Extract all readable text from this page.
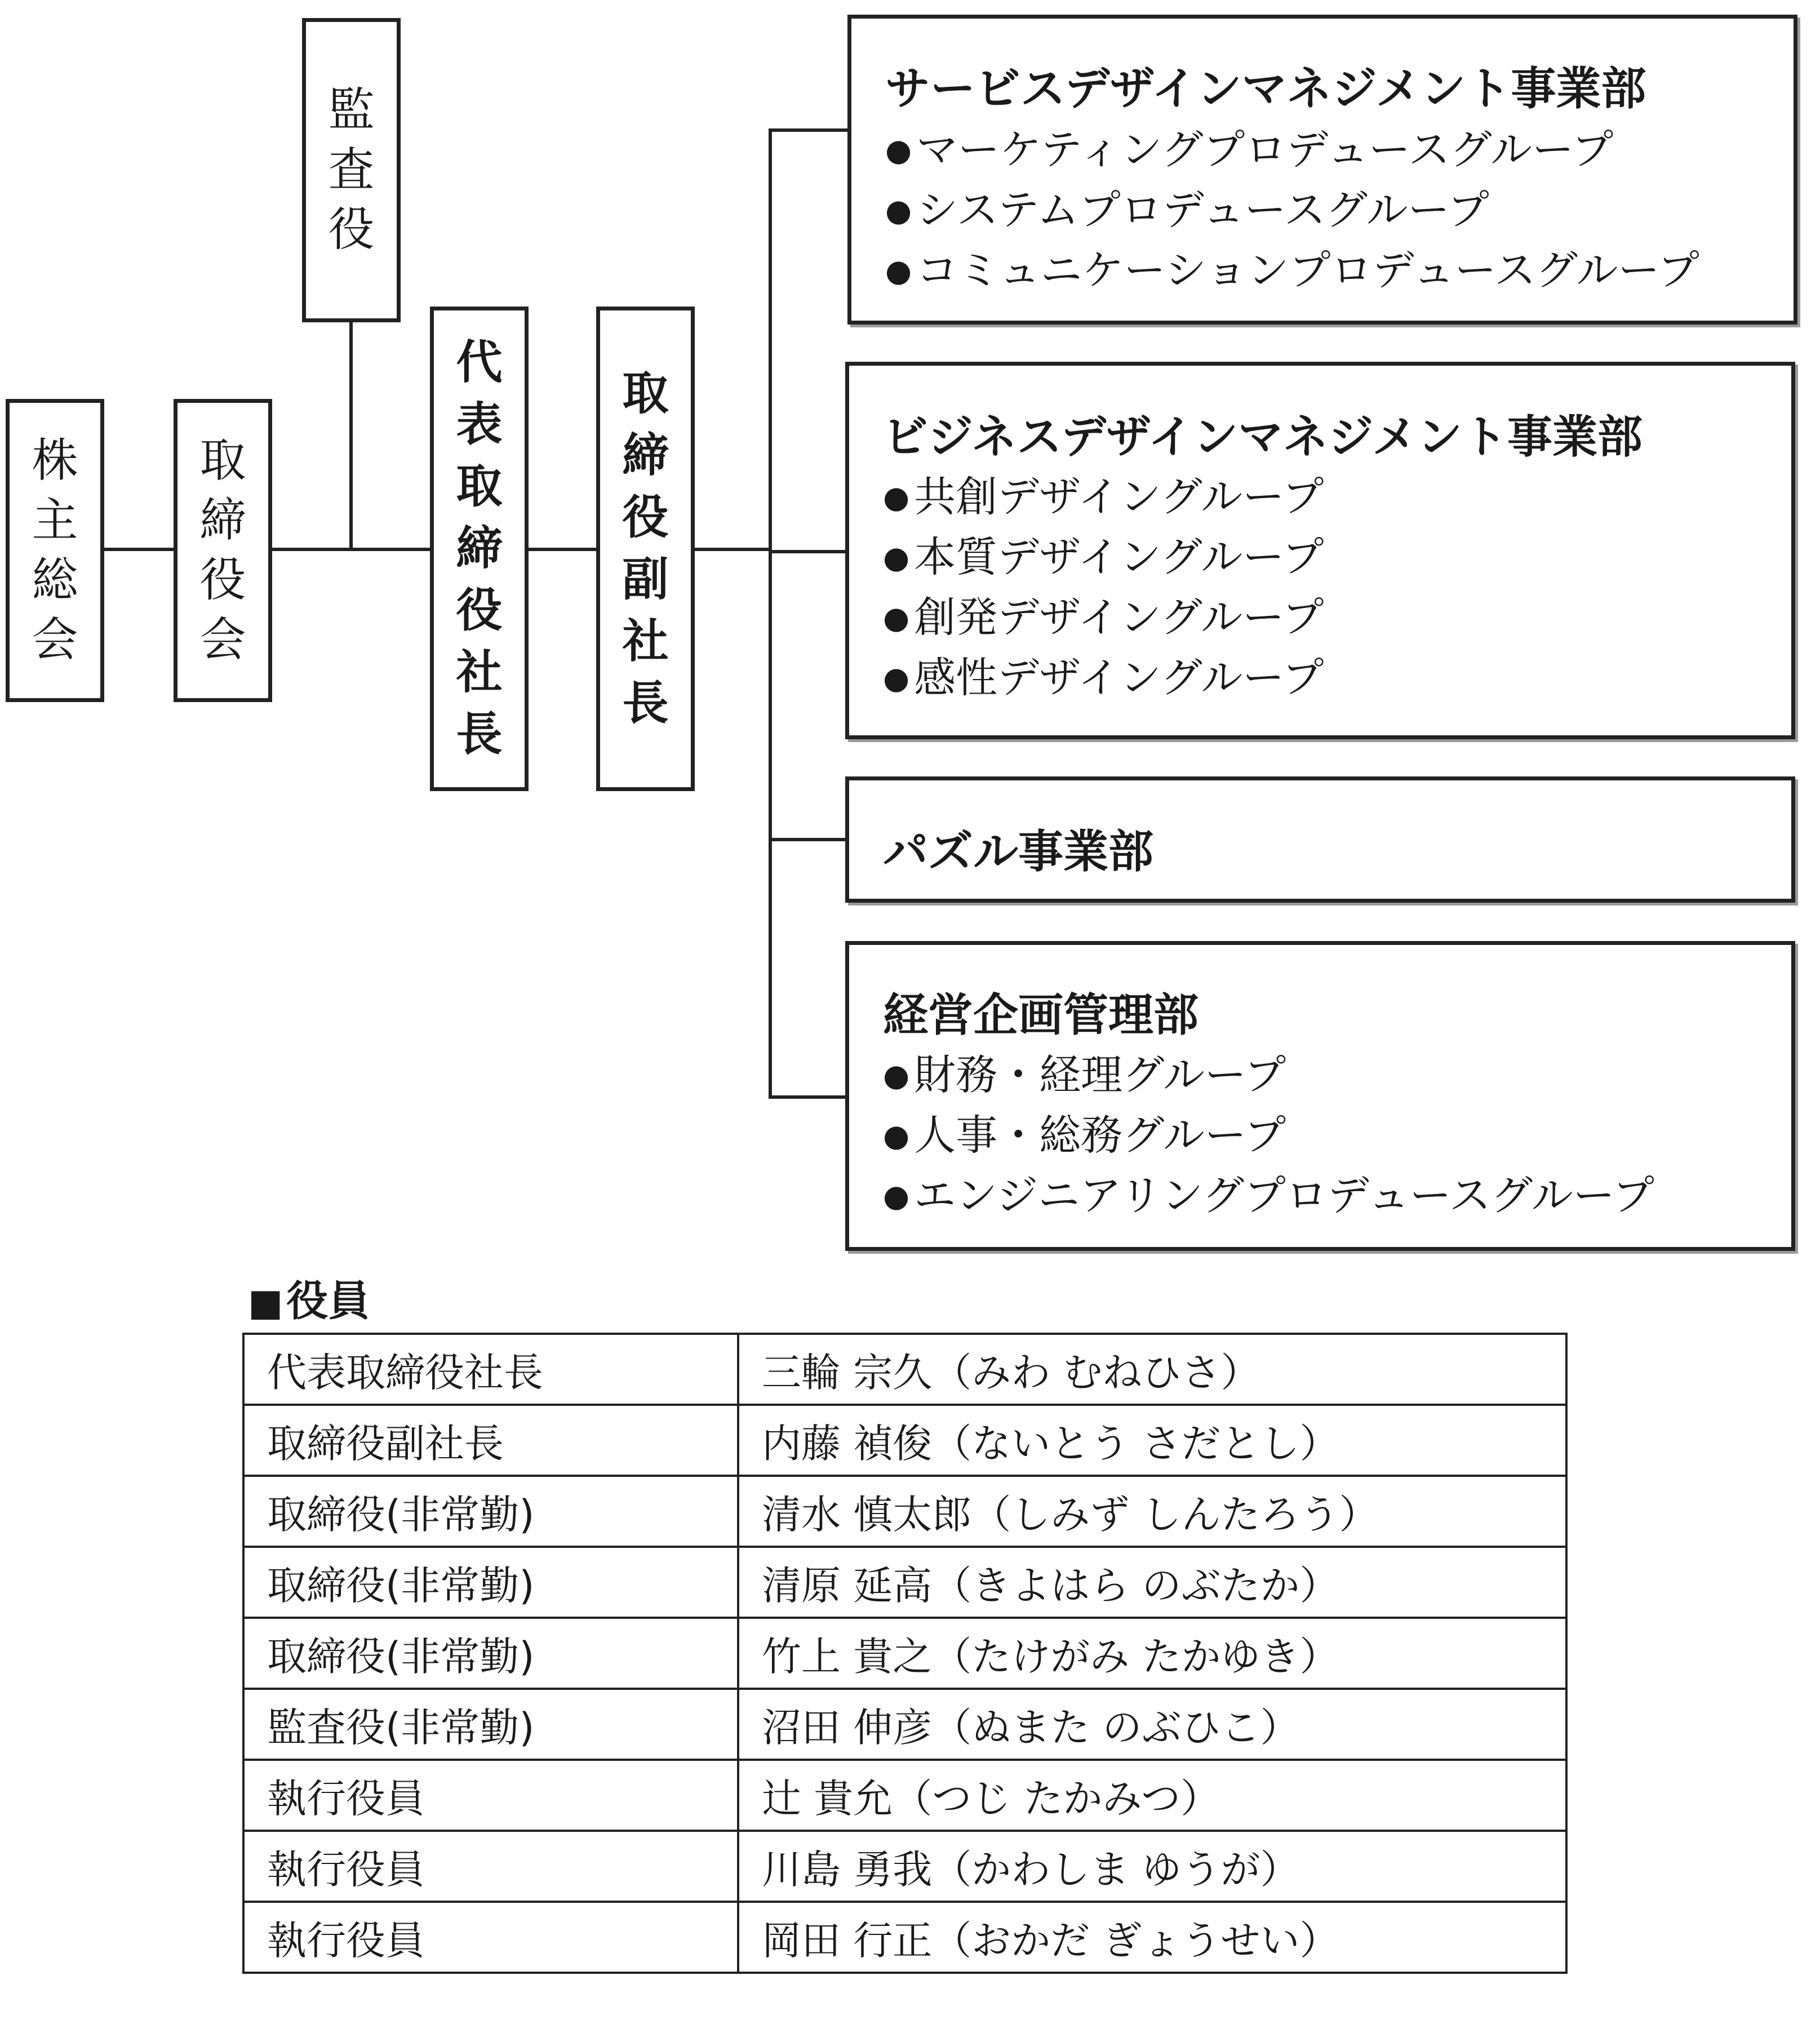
株
主
総
会
取
締
役
会
監
査
役
代
表
取
締
役
社
長
取
締
役
副
社
長
サービスデザインマネジメント事業部
● マーケティングプロデュースグループ
● システムプロデュースグループ
● コミュニケーションプロデュースグループ
ビジネスデザインマネジメント事業部
● 共創デザイングループ
● 本質デザイングループ
● 創発デザイングループ
● 感性デザイングループ
パズル事業部
経営企画管理部
● 財務・経理グループ
● 人事・総務グループ
● エンジニアリングプロデュースグループ
■ 役員
代表取締役社長	三輪 宗久（みわ むねひさ）
取締役副社長	内藤 禎俊（ないとう さだとし）
取締役(非常勤)	清水 慎太郎（しみず しんたろう）
取締役(非常勤)	清原 延高（きよはら のぶたか）
取締役(非常勤)	竹上 貴之（たけがみ たかゆき）
監査役(非常勤)	沼田 伸彦（ぬまた のぶひこ）
執行役員	辻 貴允（つじ たかみつ）
執行役員	川島 勇我（かわしま ゆうが）
執行役員	岡田 行正（おかだ ぎょうせい）
